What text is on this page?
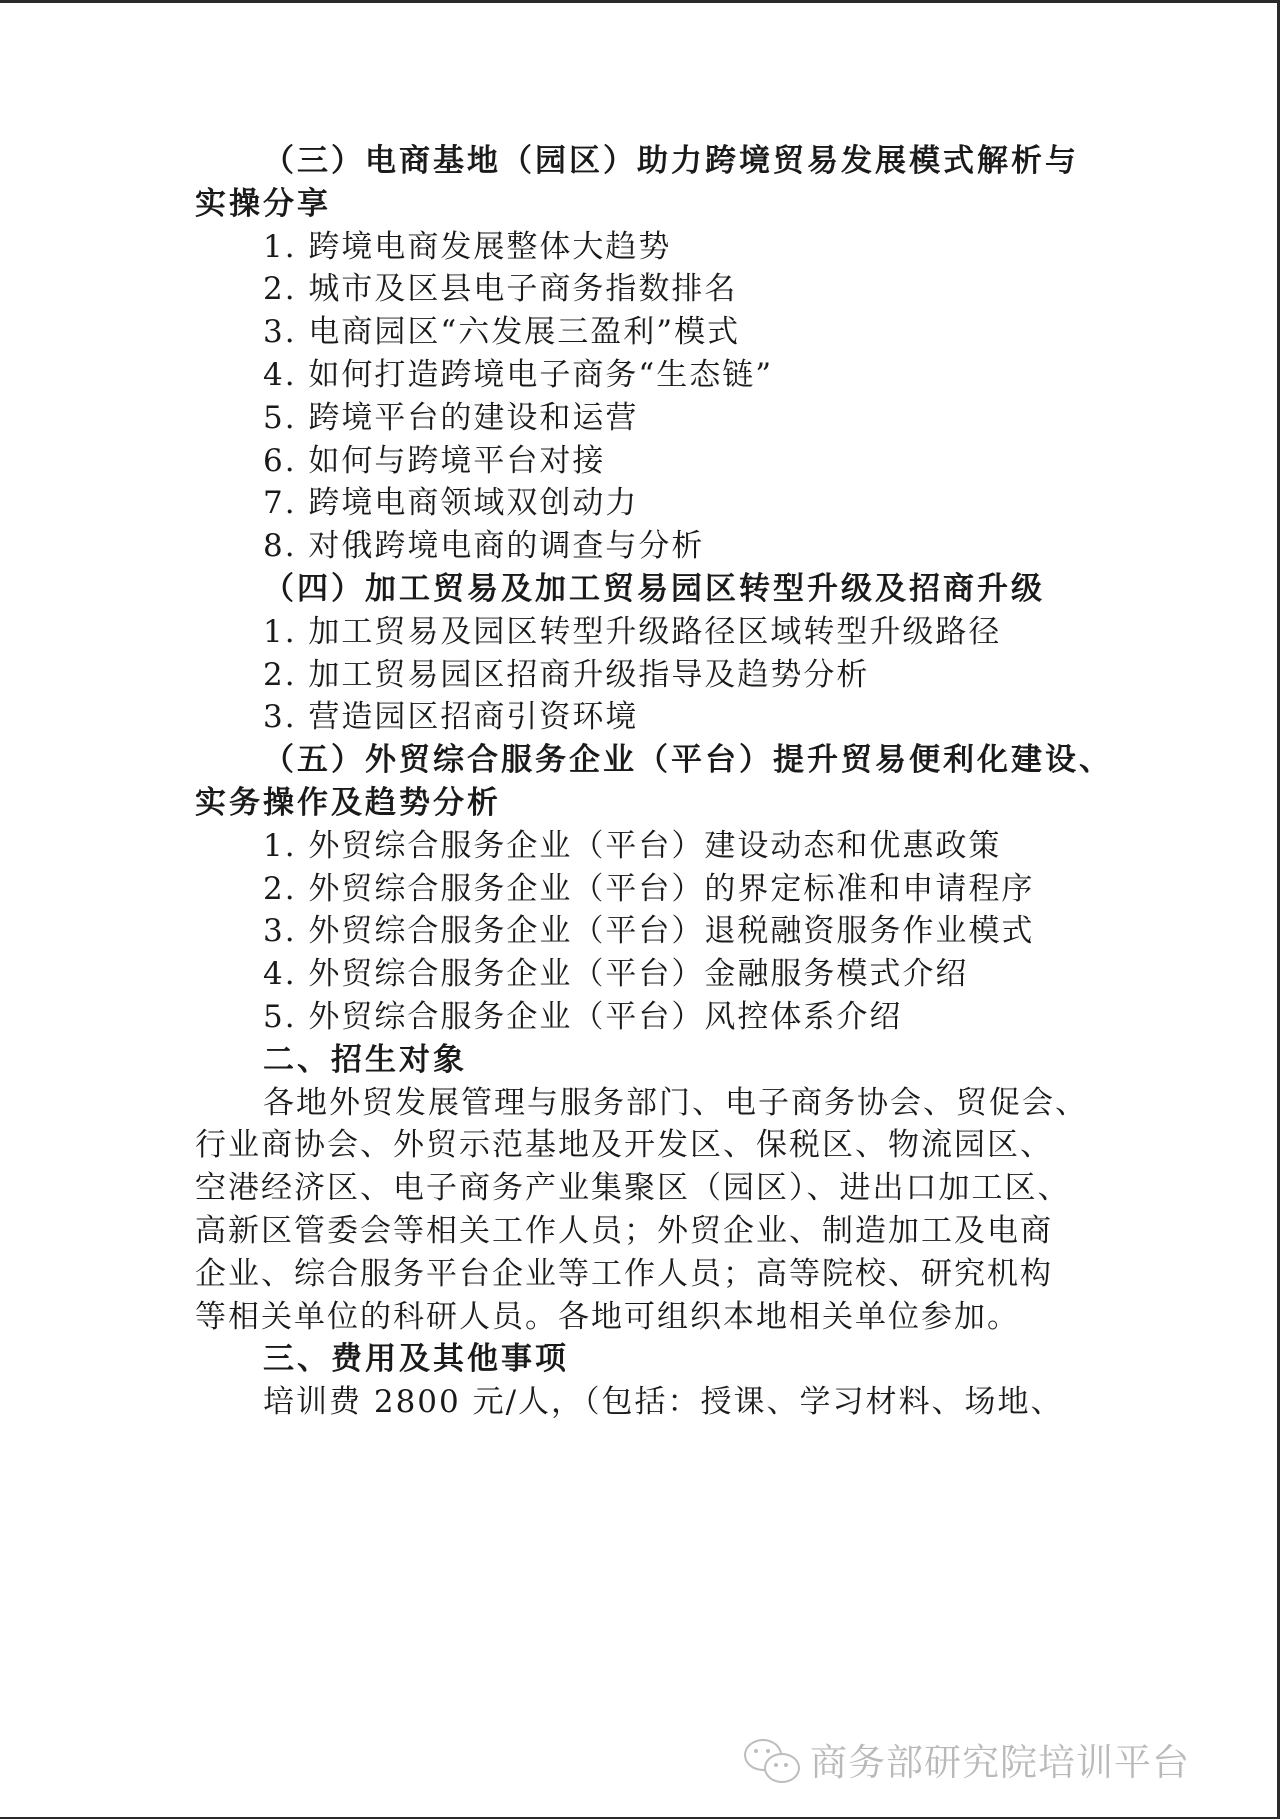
（三）电商基地（园区）助力跨境贸易发展模式解析与
实操分享
1. 跨境电商发展整体大趋势
2. 城市及区县电子商务指数排名
3. 电商园区“六发展三盈利”模式
4. 如何打造跨境电子商务“生态链”
5. 跨境平台的建设和运营
6. 如何与跨境平台对接
7. 跨境电商领域双创动力
8. 对俄跨境电商的调查与分析
（四）加工贸易及加工贸易园区转型升级及招商升级
1. 加工贸易及园区转型升级路径区域转型升级路径
2. 加工贸易园区招商升级指导及趋势分析
3. 营造园区招商引资环境
（五）外贸综合服务企业（平台）提升贸易便利化建设、
实务操作及趋势分析
1. 外贸综合服务企业（平台）建设动态和优惠政策
2. 外贸综合服务企业（平台）的界定标准和申请程序
3. 外贸综合服务企业（平台）退税融资服务作业模式
4. 外贸综合服务企业（平台）金融服务模式介绍
5. 外贸综合服务企业（平台）风控体系介绍
二、招生对象
各地外贸发展管理与服务部门、电子商务协会、贸促会、
行业商协会、外贸示范基地及开发区、保税区、物流园区、
空港经济区、电子商务产业集聚区（园区）、进出口加工区、
高新区管委会等相关工作人员；外贸企业、制造加工及电商
企业、综合服务平台企业等工作人员；高等院校、研究机构
等相关单位的科研人员。各地可组织本地相关单位参加。
三、费用及其他事项
培训费 2800 元/人，（包括：授课、学习材料、场地、
商务部研究院培训平台
